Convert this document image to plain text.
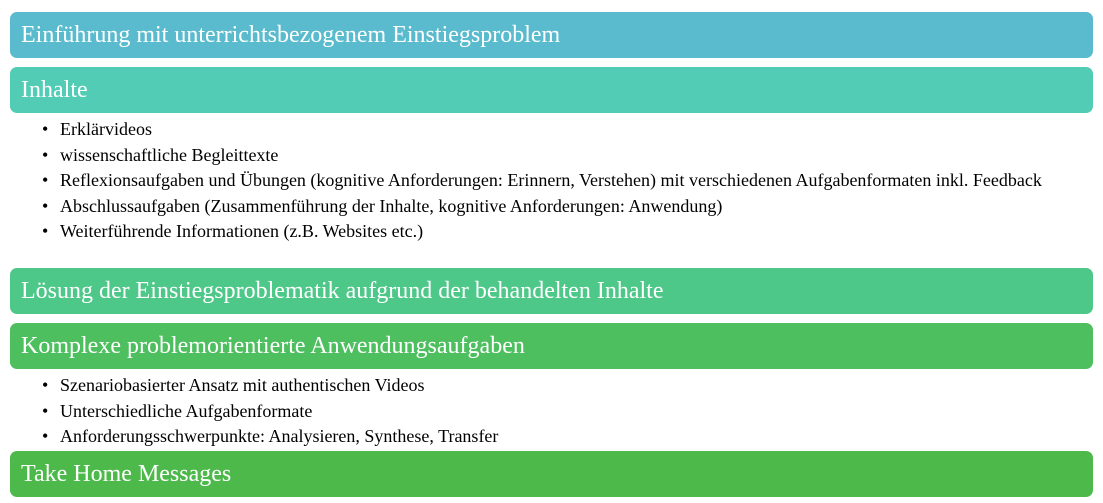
Einführung mit unterrichtsbezogenem Einstiegsproblem
Inhalte
• Erklärvideos
• wissenschaftliche Begleittexte
• Reflexionsaufgaben und Übungen (kognitive Anforderungen: Erinnern, Verstehen) mit verschiedenen Aufgabenformaten inkl. Feedback
• Abschlussaufgaben (Zusammenführung der Inhalte, kognitive Anforderungen: Anwendung)
• Weiterführende Informationen (z.B. Websites etc.)
Lösung der Einstiegsproblematik aufgrund der behandelten Inhalte
Komplexe problemorientierte Anwendungsaufgaben
• Szenariobasierter Ansatz mit authentischen Videos
• Unterschiedliche Aufgabenformate
• Anforderungsschwerpunkte: Analysieren, Synthese, Transfer
Take Home Messages
